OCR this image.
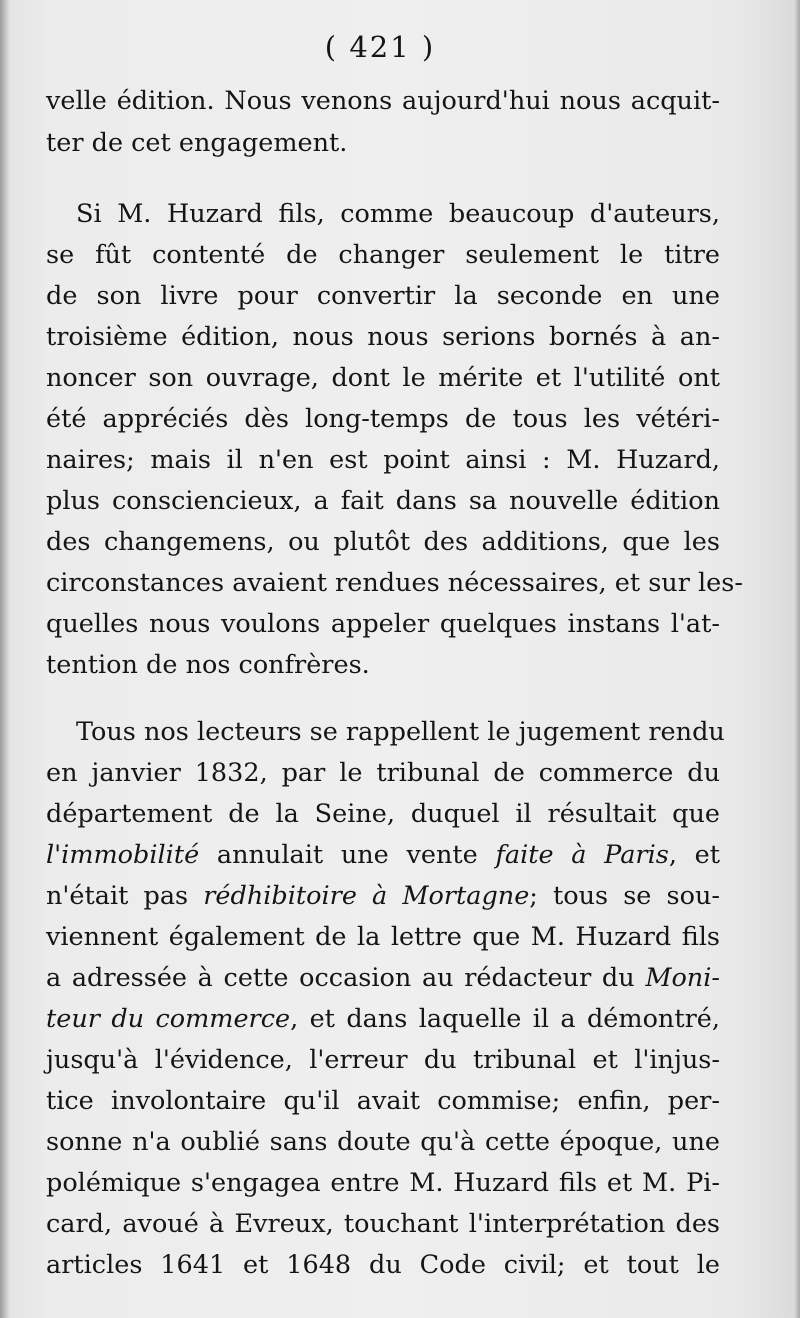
( 421 )
velle édition. Nous venons aujourd'hui nous acquit-
ter de cet engagement.
Si M. Huzard fils, comme beaucoup d'auteurs,
se fût contenté de changer seulement le titre
de son livre pour convertir la seconde en une
troisième édition, nous nous serions bornés à an-
noncer son ouvrage, dont le mérite et l'utilité ont
été appréciés dès long-temps de tous les vétéri-
naires; mais il n'en est point ainsi : M. Huzard,
plus consciencieux, a fait dans sa nouvelle édition
des changemens, ou plutôt des additions, que les
circonstances avaient rendues nécessaires, et sur les-
quelles nous voulons appeler quelques instans l'at-
tention de nos confrères.
Tous nos lecteurs se rappellent le jugement rendu
en janvier 1832, par le tribunal de commerce du
département de la Seine, duquel il résultait que
l'immobilité annulait une vente faite à Paris, et
n'était pas rédhibitoire à Mortagne; tous se sou-
viennent également de la lettre que M. Huzard fils
a adressée à cette occasion au rédacteur du Moni-
teur du commerce, et dans laquelle il a démontré,
jusqu'à l'évidence, l'erreur du tribunal et l'injus-
tice involontaire qu'il avait commise; enfin, per-
sonne n'a oublié sans doute qu'à cette époque, une
polémique s'engagea entre M. Huzard fils et M. Pi-
card, avoué à Evreux, touchant l'interprétation des
articles 1641 et 1648 du Code civil; et tout le
